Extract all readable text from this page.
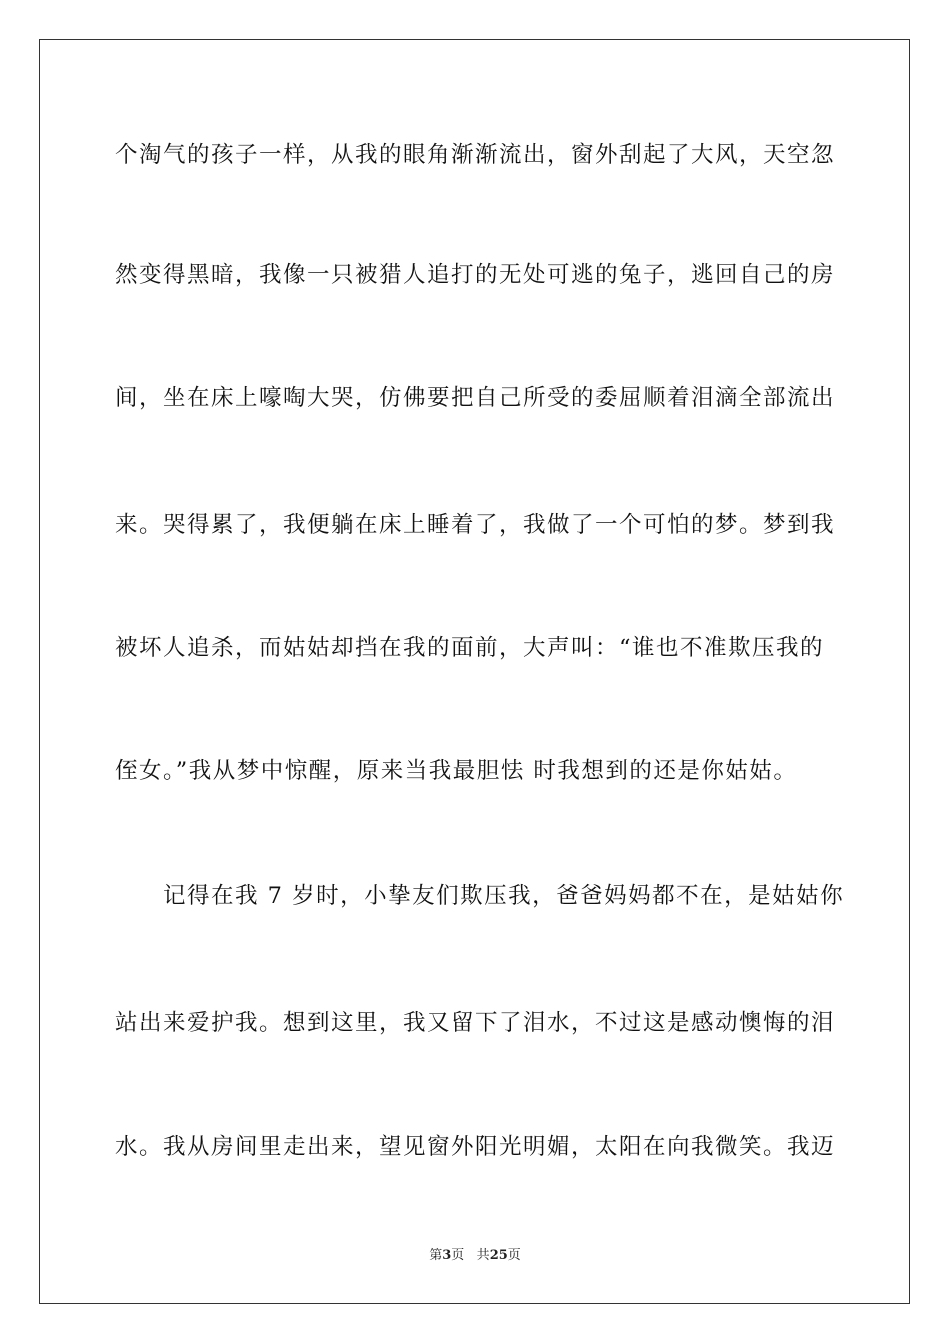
个淘气的孩子一样，从我的眼角渐渐流出，窗外刮起了大风，天空忽
然变得黑暗，我像一只被猎人追打的无处可逃的兔子，逃回自己的房
间，坐在床上嚎啕大哭，仿佛要把自己所受的委屈顺着泪滴全部流出
来。哭得累了，我便躺在床上睡着了，我做了一个可怕的梦。梦到我
被坏人追杀，而姑姑却挡在我的面前，大声叫：“谁也不准欺压我的
侄女。”我从梦中惊醒，原来当我最胆怯 时我想到的还是你姑姑。
记得在我 7 岁时，小挚友们欺压我，爸爸妈妈都不在，是姑姑你
站出来爱护我。想到这里，我又留下了泪水，不过这是感动懊悔的泪
水。我从房间里走出来，望见窗外阳光明媚，太阳在向我微笑。我迈
第3页 共25页
